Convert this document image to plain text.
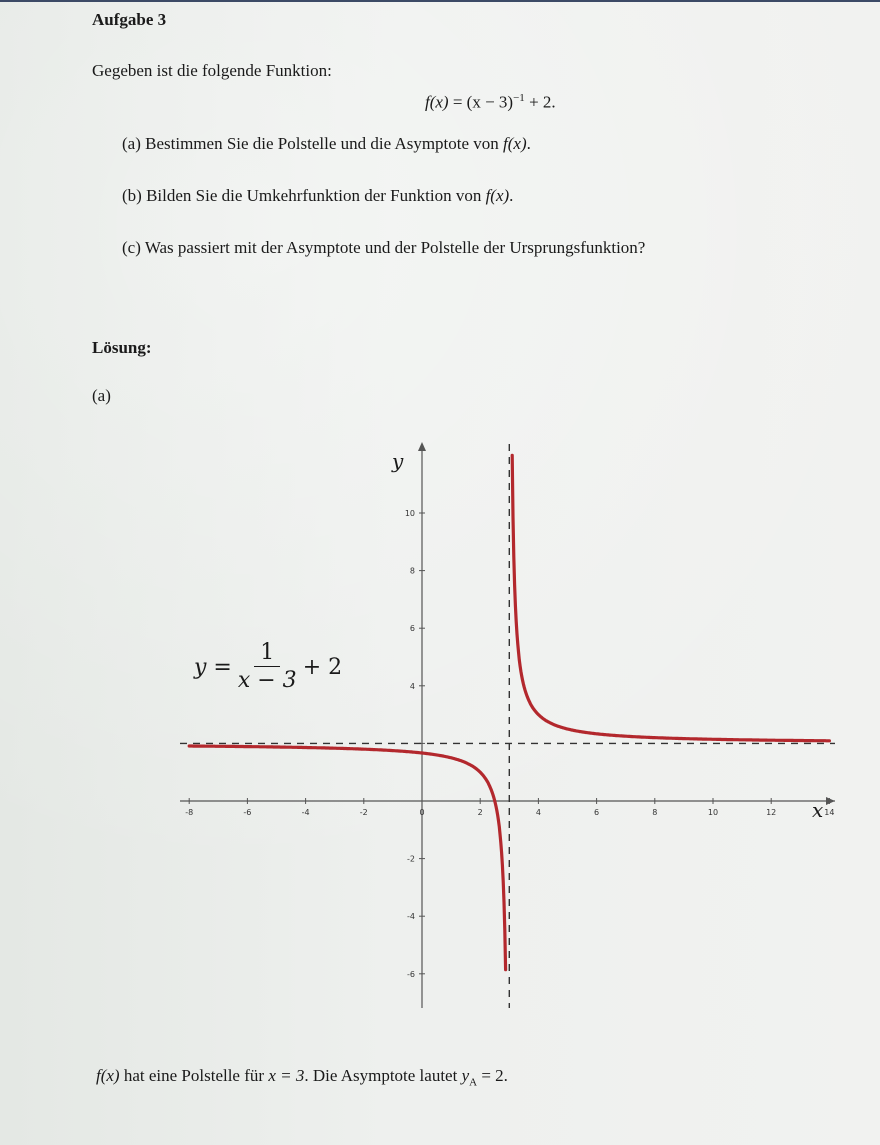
Aufgabe 3
Gegeben ist die folgende Funktion:
$f(x) = (x - 3)^{-1} + 2$.
(a) Bestimmen Sie die Polstelle und die Asymptote von f(x).
(b) Bilden Sie die Umkehrfunktion der Funktion von f(x).
(c) Was passiert mit der Asymptote und der Polstelle der Ursprungsfunktion?
Lösung:
(a)
-8	-6	-4	-2	0	2	4	6	8	10	12	14
-6
-4
-2
4
6
8
10
x
y
$y = \frac{1}{x - 3} + 2$
f(x) hat eine Polstelle für x = 3. Die Asymptote lautet $y_A = 2$.
